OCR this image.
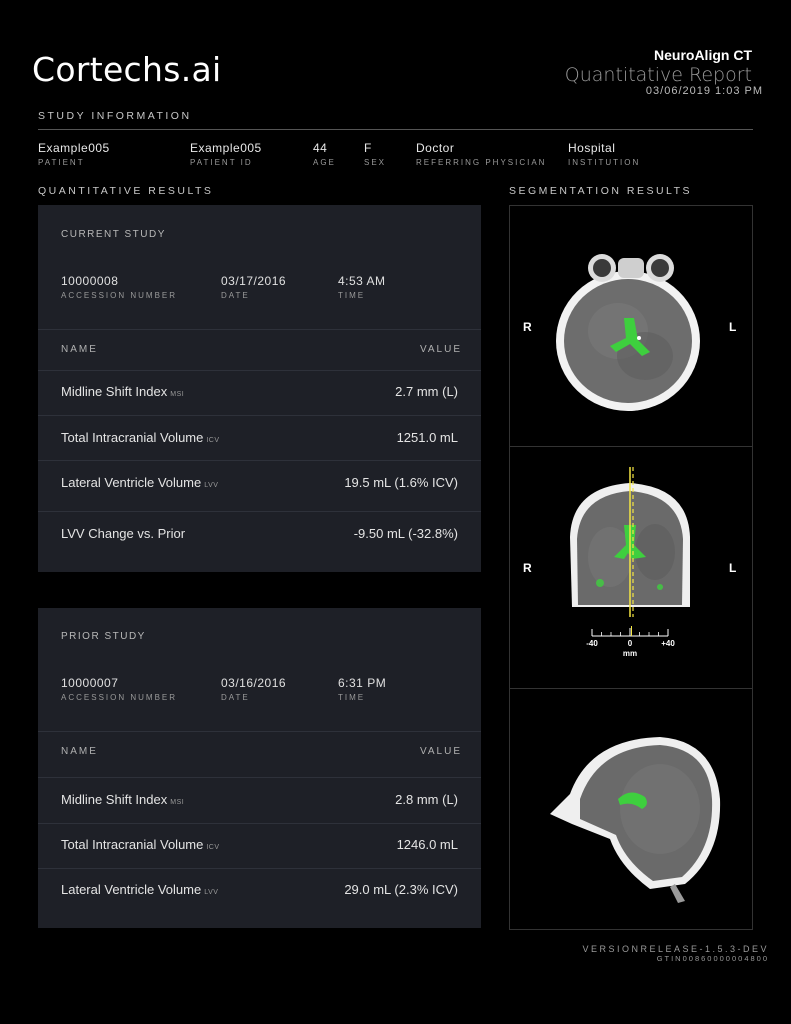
Cortechs.ai	NeuroAlign CT
Quantitative Report
03/06/2019 1:03 PM
STUDY INFORMATION
Example005
PATIENT
Example005
PATIENT ID
44
AGE
F
SEX
Doctor
REFERRING PHYSICIAN
Hospital
INSTITUTION
QUANTITATIVE RESULTS	SEGMENTATION RESULTS
CURRENT STUDY
10000008
ACCESSION NUMBER
03/17/2016
DATE
4:53 AM
TIME
NAME	VALUE
Midline Shift Index MSI	2.7 mm (L)
Total Intracranial Volume ICV	1251.0 mL
Lateral Ventricle Volume LVV	19.5 mL (1.6% ICV)
LVV Change vs. Prior	-9.50 mL (-32.8%)
PRIOR STUDY
10000007
ACCESSION NUMBER
03/16/2016
DATE
6:31 PM
TIME
NAME	VALUE
Midline Shift Index MSI	2.8 mm (L)
Total Intracranial Volume ICV	1246.0 mL
Lateral Ventricle Volume LVV	29.0 mL (2.3% ICV)
R	L
R	L
-40	0	+40
mm
VERSIONRELEASE-1.5.3-DEV
GTIN00860000004800
